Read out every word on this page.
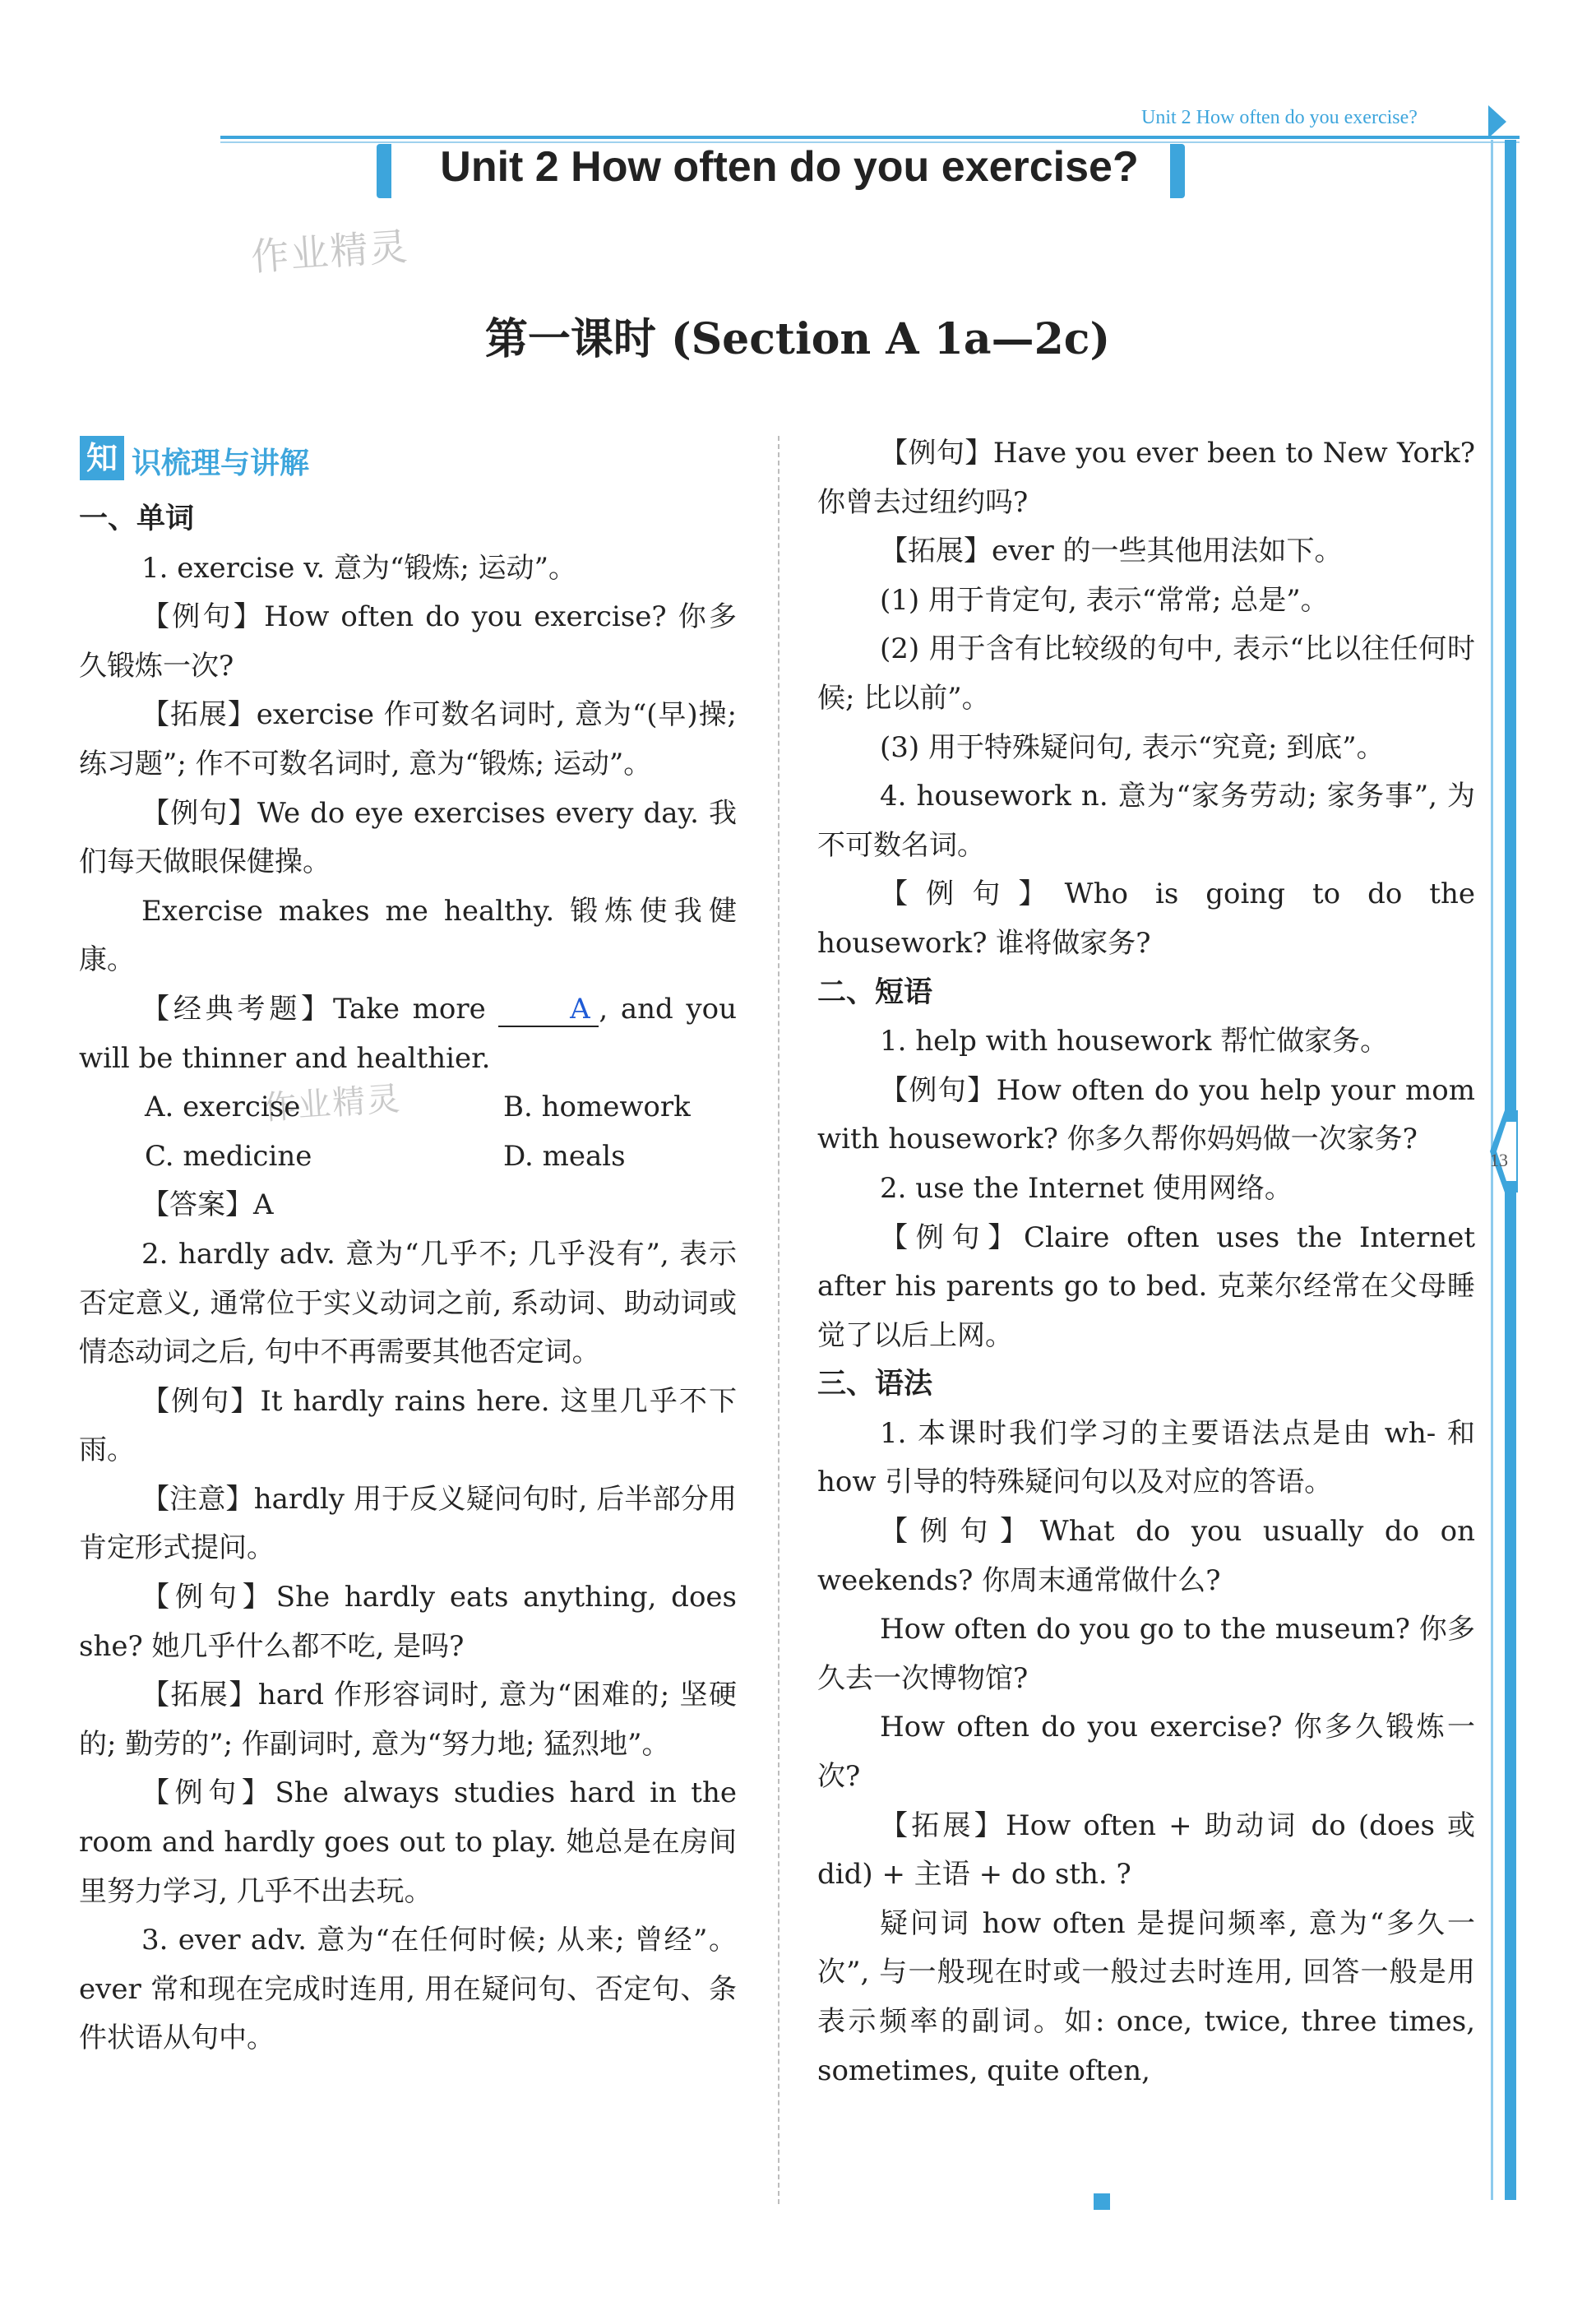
Unit 2 How often do you exercise?
13
Unit 2 How often do you exercise?
作业精灵
作业精灵
第一课时 (Section A 1a—2c)
知 识梳理与讲解

一、单词

1. exercise v. 意为“锻炼; 运动”。

【例句】How often do you exercise? 你多久锻炼一次?

【拓展】exercise 作可数名词时, 意为“(早)操; 练习题”; 作不可数名词时, 意为“锻炼; 运动”。

【例句】We do eye exercises every day. 我们每天做眼保健操。

Exercise makes me healthy. 锻炼使我健康。

【经典考题】Take more	A , and you will be thinner and healthier.

A. exercise	B. homework
C. medicine	D. meals

【答案】A

2. hardly adv. 意为“几乎不; 几乎没有”, 表示否定意义, 通常位于实义动词之前, 系动词、助动词或情态动词之后, 句中不再需要其他否定词。

【例句】It hardly rains here. 这里几乎不下雨。

【注意】hardly 用于反义疑问句时, 后半部分用肯定形式提问。

【例句】She hardly eats anything, does she? 她几乎什么都不吃, 是吗?

【拓展】hard 作形容词时, 意为“困难的; 坚硬的; 勤劳的”; 作副词时, 意为“努力地; 猛烈地”。

【例句】She always studies hard in the room and hardly goes out to play. 她总是在房间里努力学习, 几乎不出去玩。

3. ever adv. 意为“在任何时候; 从来; 曾经”。ever 常和现在完成时连用, 用在疑问句、否定句、条件状语从句中。

【例句】Have you ever been to New York? 你曾去过纽约吗?

【拓展】ever 的一些其他用法如下。

(1) 用于肯定句, 表示“常常; 总是”。

(2) 用于含有比较级的句中, 表示“比以往任何时候; 比以前”。

(3) 用于特殊疑问句, 表示“究竟; 到底”。

4. housework n. 意为“家务劳动; 家务事”, 为不可数名词。

【例句】Who is going to do the housework? 谁将做家务?

二、短语

1. help with housework 帮忙做家务。

【例句】How often do you help your mom with housework? 你多久帮你妈妈做一次家务?

2. use the Internet 使用网络。

【例句】Claire often uses the Internet after his parents go to bed. 克莱尔经常在父母睡觉了以后上网。

三、语法

1. 本课时我们学习的主要语法点是由 wh- 和 how 引导的特殊疑问句以及对应的答语。

【例句】What do you usually do on weekends? 你周末通常做什么?

How often do you go to the museum? 你多久去一次博物馆?

How often do you exercise? 你多久锻炼一次?

【拓展】How often + 助动词 do (does 或 did) + 主语 + do sth. ?

疑问词 how often 是提问频率, 意为“多久一次”, 与一般现在时或一般过去时连用, 回答一般是用表示频率的副词。如: once, twice, three times, sometimes, quite often,
